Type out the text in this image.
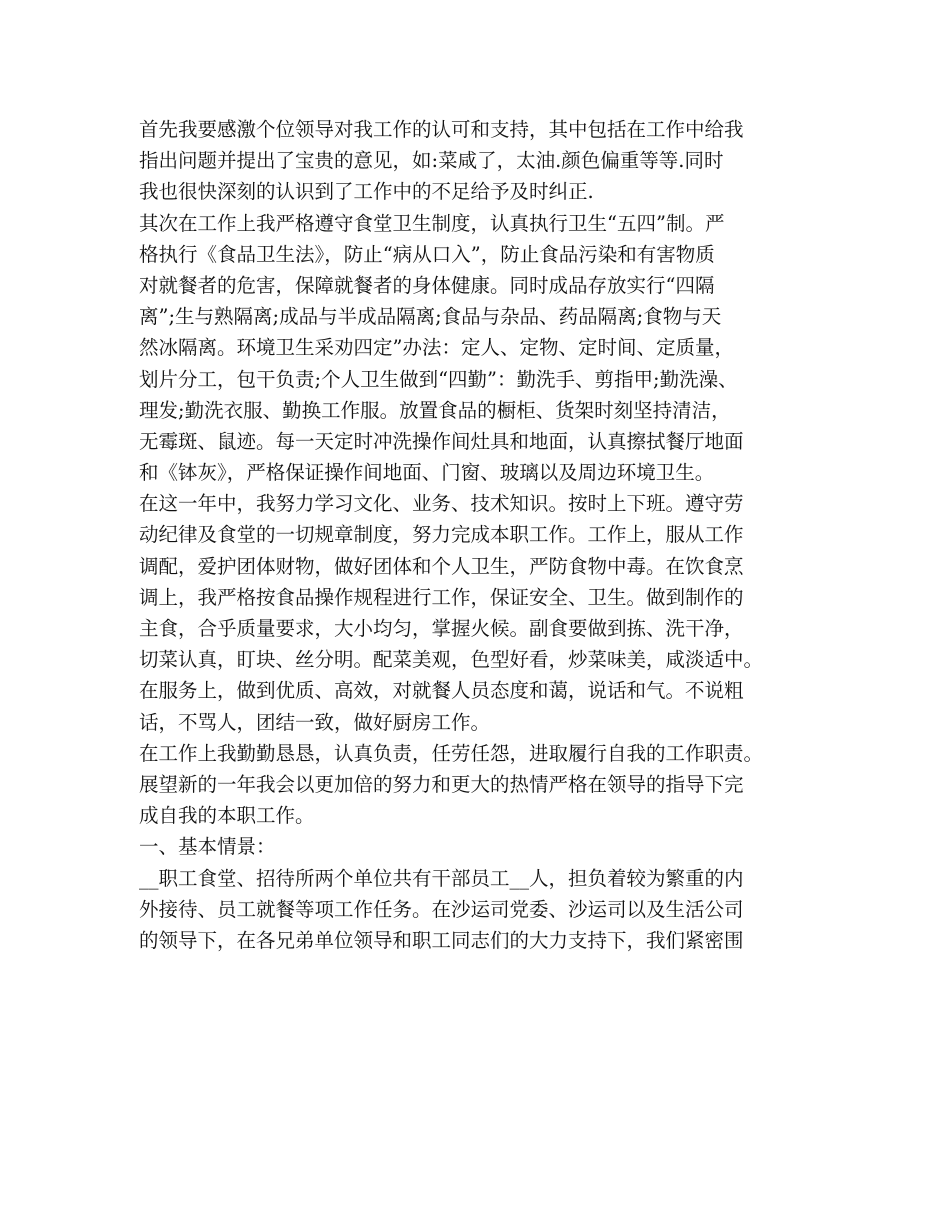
首先我要感激个位领导对我工作的认可和支持，其中包括在工作中给我
指出问题并提出了宝贵的意见，如:菜咸了，太油.颜色偏重等等.同时
我也很快深刻的认识到了工作中的不足给予及时纠正.
其次在工作上我严格遵守食堂卫生制度，认真执行卫生“五四”制。严
格执行《食品卫生法》，防止“病从口入”，防止食品污染和有害物质
对就餐者的危害，保障就餐者的身体健康。同时成品存放实行“四隔
离”;生与熟隔离;成品与半成品隔离;食品与杂品、药品隔离;食物与天
然冰隔离。环境卫生采劝四定”办法：定人、定物、定时间、定质量，
划片分工，包干负责;个人卫生做到“四勤”：勤洗手、剪指甲;勤洗澡、
理发;勤洗衣服、勤换工作服。放置食品的橱柜、货架时刻坚持清洁，
无霉斑、鼠迹。每一天定时冲洗操作间灶具和地面，认真擦拭餐厅地面
和《钵灰》，严格保证操作间地面、门窗、玻璃以及周边环境卫生。
在这一年中，我努力学习文化、业务、技术知识。按时上下班。遵守劳
动纪律及食堂的一切规章制度，努力完成本职工作。工作上，服从工作
调配，爱护团体财物，做好团体和个人卫生，严防食物中毒。在饮食烹
调上，我严格按食品操作规程进行工作，保证安全、卫生。做到制作的
主食，合乎质量要求，大小均匀，掌握火候。副食要做到拣、洗干净，
切菜认真，盯块、丝分明。配菜美观，色型好看，炒菜味美，咸淡适中。
在服务上，做到优质、高效，对就餐人员态度和蔼，说话和气。不说粗
话，不骂人，团结一致，做好厨房工作。
在工作上我勤勤恳恳，认真负责，任劳任怨，进取履行自我的工作职责。
展望新的一年我会以更加倍的努力和更大的热情严格在领导的指导下完
成自我的本职工作。
一、基本情景：
__职工食堂、招待所两个单位共有干部员工__人，担负着较为繁重的内
外接待、员工就餐等项工作任务。在沙运司党委、沙运司以及生活公司
的领导下，在各兄弟单位领导和职工同志们的大力支持下，我们紧密围
